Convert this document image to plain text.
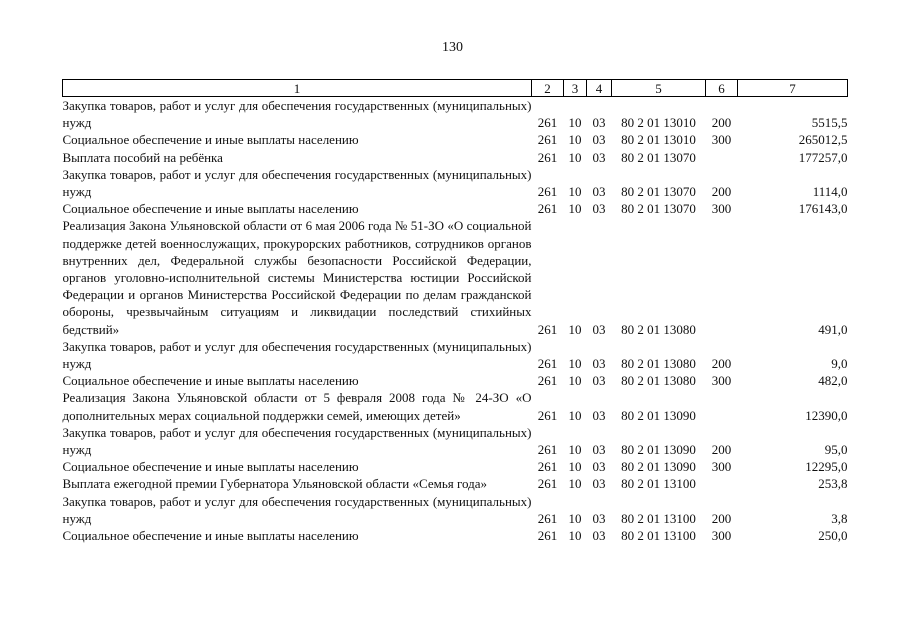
130
1	2	3	4	5	6	7
Закупка товаров, работ и услуг для обеспечения государственных (муниципальных) нужд	261	10	03	80 2 01 13010	200	5515,5
Социальное обеспечение и иные выплаты населению	261	10	03	80 2 01 13010	300	265012,5
Выплата пособий на ребёнка	261	10	03	80 2 01 13070		177257,0
Закупка товаров, работ и услуг для обеспечения государственных (муниципальных) нужд	261	10	03	80 2 01 13070	200	1114,0
Социальное обеспечение и иные выплаты населению	261	10	03	80 2 01 13070	300	176143,0
Реализация Закона Ульяновской области от 6 мая 2006 года № 51-ЗО «О социальной поддержке детей военнослужащих, прокурорских работников, сотрудников органов внутренних дел, Федеральной службы безопасности Российской Федерации, органов уголовно-исполнительной системы Министерства юстиции Российской Федерации и органов Министерства Российской Федерации по делам гражданской обороны, чрезвычайным ситуациям и ликвидации последствий стихийных бедствий»	261	10	03	80 2 01 13080		491,0
Закупка товаров, работ и услуг для обеспечения государственных (муниципальных) нужд	261	10	03	80 2 01 13080	200	9,0
Социальное обеспечение и иные выплаты населению	261	10	03	80 2 01 13080	300	482,0
Реализация Закона Ульяновской области от 5 февраля 2008 года № 24-ЗО «О дополнительных мерах социальной поддержки семей, имеющих детей»	261	10	03	80 2 01 13090		12390,0
Закупка товаров, работ и услуг для обеспечения государственных (муниципальных) нужд	261	10	03	80 2 01 13090	200	95,0
Социальное обеспечение и иные выплаты населению	261	10	03	80 2 01 13090	300	12295,0
Выплата ежегодной премии Губернатора Ульяновской области «Семья года»	261	10	03	80 2 01 13100		253,8
Закупка товаров, работ и услуг для обеспечения государственных (муниципальных) нужд	261	10	03	80 2 01 13100	200	3,8
Социальное обеспечение и иные выплаты населению	261	10	03	80 2 01 13100	300	250,0
